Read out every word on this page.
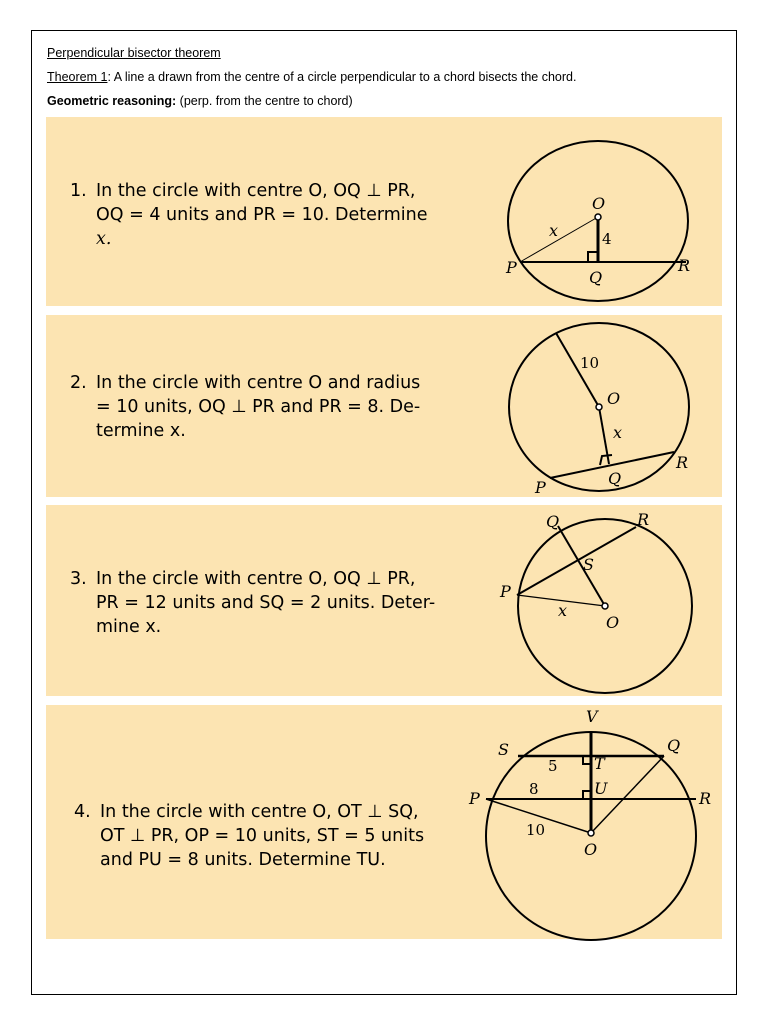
Perpendicular bisector theorem
Theorem 1: A line a drawn from the centre of a circle perpendicular to a chord bisects the chord.
Geometric reasoning: (perp. from the centre to chord)
1. In the circle with centre O, OQ ⊥ PR,
OQ = 4 units and PR = 10. Determine
x.
O
P
Q
R
x	4
2. In the circle with centre O and radius
= 10 units, OQ ⊥ PR and PR = 8. De-
termine x.
10
O
x
Q
R
P
3. In the circle with centre O, OQ ⊥ PR,
PR = 12 units and SQ = 2 units. Deter-
mine x.
Q	R
S
P
x
O
4. In the circle with centre O, OT ⊥ SQ,
OT ⊥ PR, OP = 10 units, ST = 5 units
and PU = 8 units. Determine TU.
V
S	Q
T
U
P	R
O
5
8
10
